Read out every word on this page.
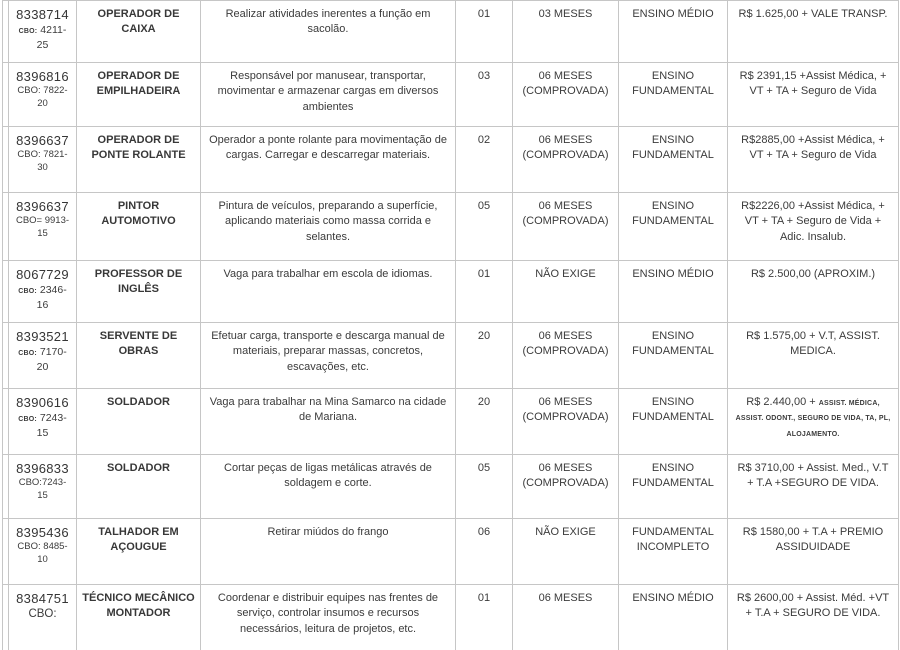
	8338714
CBO: 4211-25	OPERADOR DE CAIXA	Realizar atividades inerentes a função em sacolão.	01	03 MESES	ENSINO MÉDIO	R$ 1.625,00 + VALE TRANSP.

	8396816
CBO: 7822-20	OPERADOR DE EMPILHADEIRA	Responsável por manusear, transportar, movimentar e armazenar cargas em diversos ambientes	03	06 MESES (COMPROVADA)	ENSINO FUNDAMENTAL	R$ 2391,15 +Assist Médica, + VT + TA + Seguro de Vida

	8396637
CBO: 7821-30	OPERADOR DE PONTE ROLANTE	Operador a ponte rolante para movimentação de cargas. Carregar e descarregar materiais.	02	06 MESES (COMPROVADA)	ENSINO FUNDAMENTAL	R$2885,00 +Assist Médica, + VT + TA + Seguro de Vida

	8396637
CBO= 9913-15	PINTOR AUTOMOTIVO	Pintura de veículos, preparando a superfície, aplicando materiais como massa corrida e selantes.	05	06 MESES (COMPROVADA)	ENSINO FUNDAMENTAL	R$2226,00 +Assist Médica, + VT + TA + Seguro de Vida + Adic. Insalub.

	8067729
CBO: 2346-16	PROFESSOR DE INGLÊS	Vaga para trabalhar em escola de idiomas.	01	NÃO EXIGE	ENSINO MÉDIO	R$ 2.500,00 (APROXIM.)

	8393521
CBO: 7170-20	SERVENTE DE OBRAS	Efetuar carga, transporte e descarga manual de materiais, preparar massas, concretos, escavações, etc.	20	06 MESES (COMPROVADA)	ENSINO FUNDAMENTAL	R$ 1.575,00 + V.T, ASSIST. MEDICA.

	8390616
CBO: 7243-15	SOLDADOR	Vaga para trabalhar na Mina Samarco na cidade de Mariana.	20	06 MESES (COMPROVADA)	ENSINO FUNDAMENTAL	R$ 2.440,00 + ASSIST. MÉDICA, ASSIST. ODONT., SEGURO DE VIDA, TA, PL, ALOJAMENTO.

	8396833
CBO:7243-15	SOLDADOR	Cortar peças de ligas metálicas através de soldagem e corte.	05	06 MESES (COMPROVADA)	ENSINO FUNDAMENTAL	R$ 3710,00 + Assist. Med., V.T + T.A +SEGURO DE VIDA.

	8395436
CBO: 8485-10	TALHADOR EM AÇOUGUE	Retirar miúdos do frango	06	NÃO EXIGE	FUNDAMENTAL INCOMPLETO	R$ 1580,00 + T.A + PREMIO ASSIDUIDADE

	8384751
CBO:	TÉCNICO MECÂNICO MONTADOR	Coordenar e distribuir equipes nas frentes de serviço, controlar insumos e recursos necessários, leitura de projetos, etc.	01	06 MESES	ENSINO MÉDIO	R$ 2600,00 + Assist. Méd. +VT + T.A + SEGURO DE VIDA.
